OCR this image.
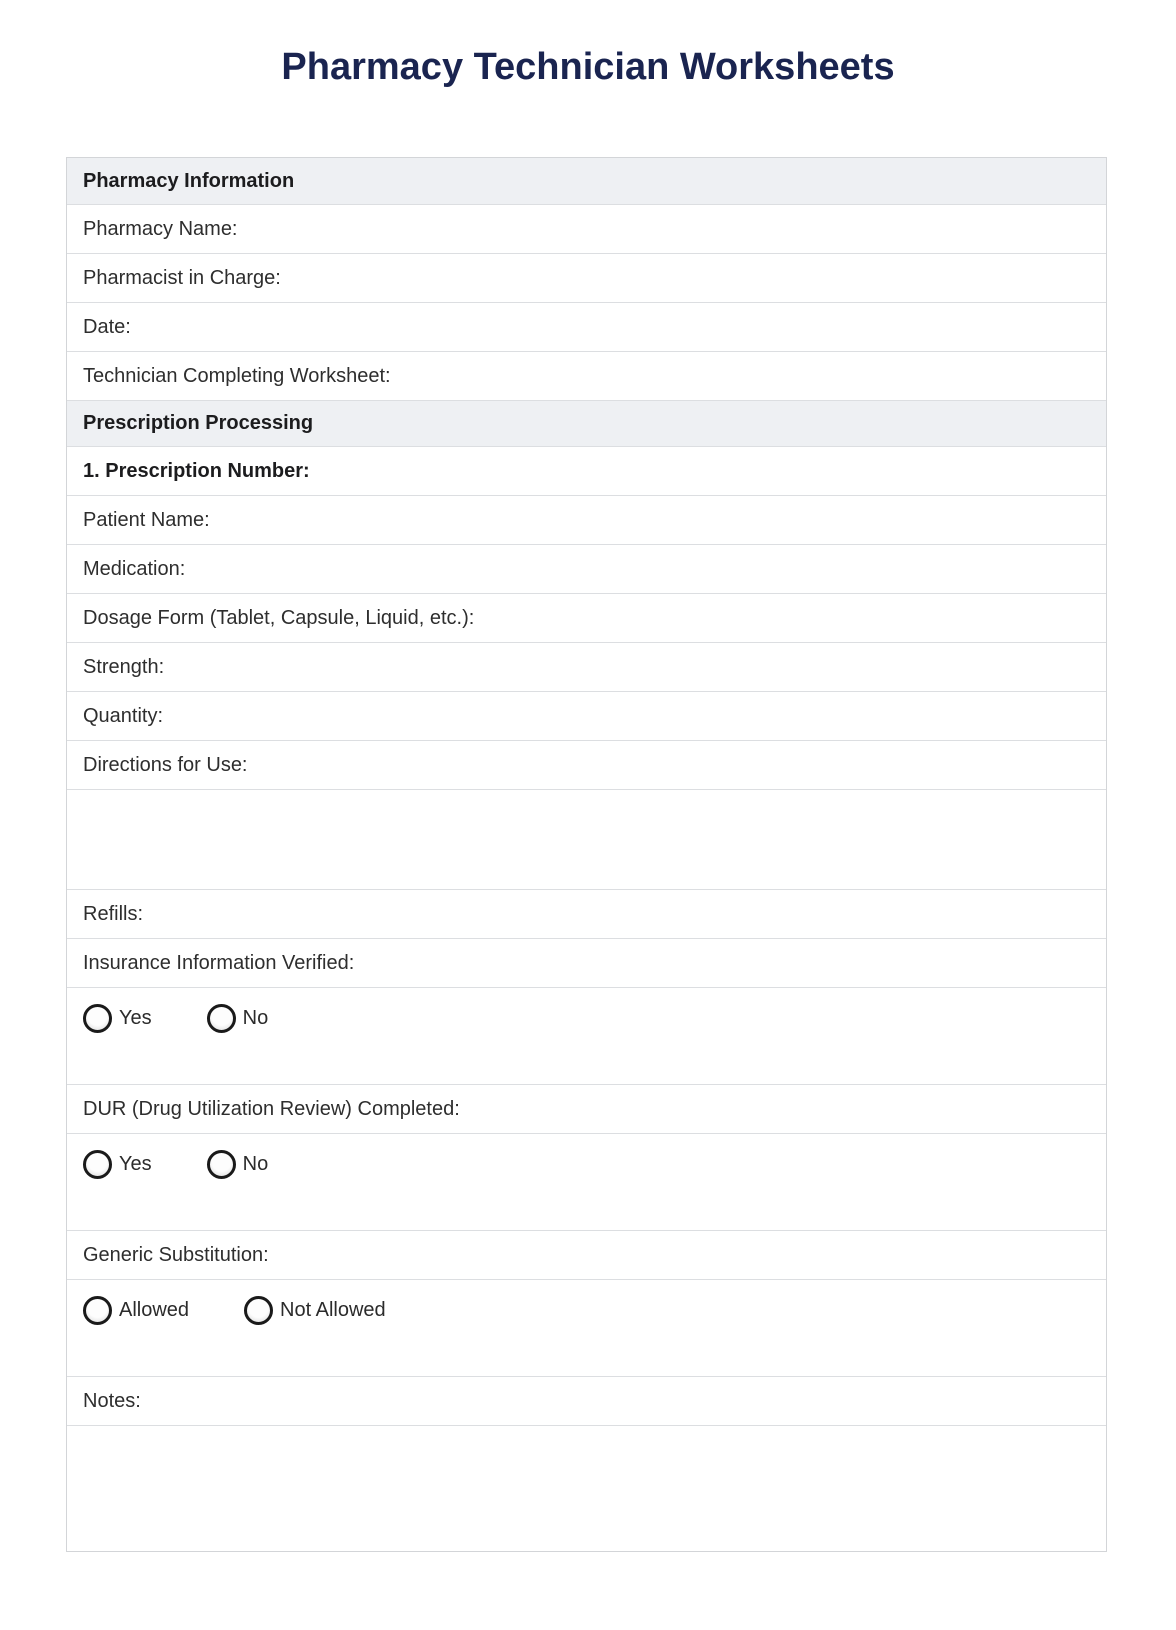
Pharmacy Technician Worksheets
Pharmacy Information
Pharmacy Name:
Pharmacist in Charge:
Date:
Technician Completing Worksheet:
Prescription Processing
1. Prescription Number:
Patient Name:
Medication:
Dosage Form (Tablet, Capsule, Liquid, etc.):
Strength:
Quantity:
Directions for Use:
Refills:
Insurance Information Verified:
Yes	No
DUR (Drug Utilization Review) Completed:
Yes	No
Generic Substitution:
Allowed	Not Allowed
Notes:
